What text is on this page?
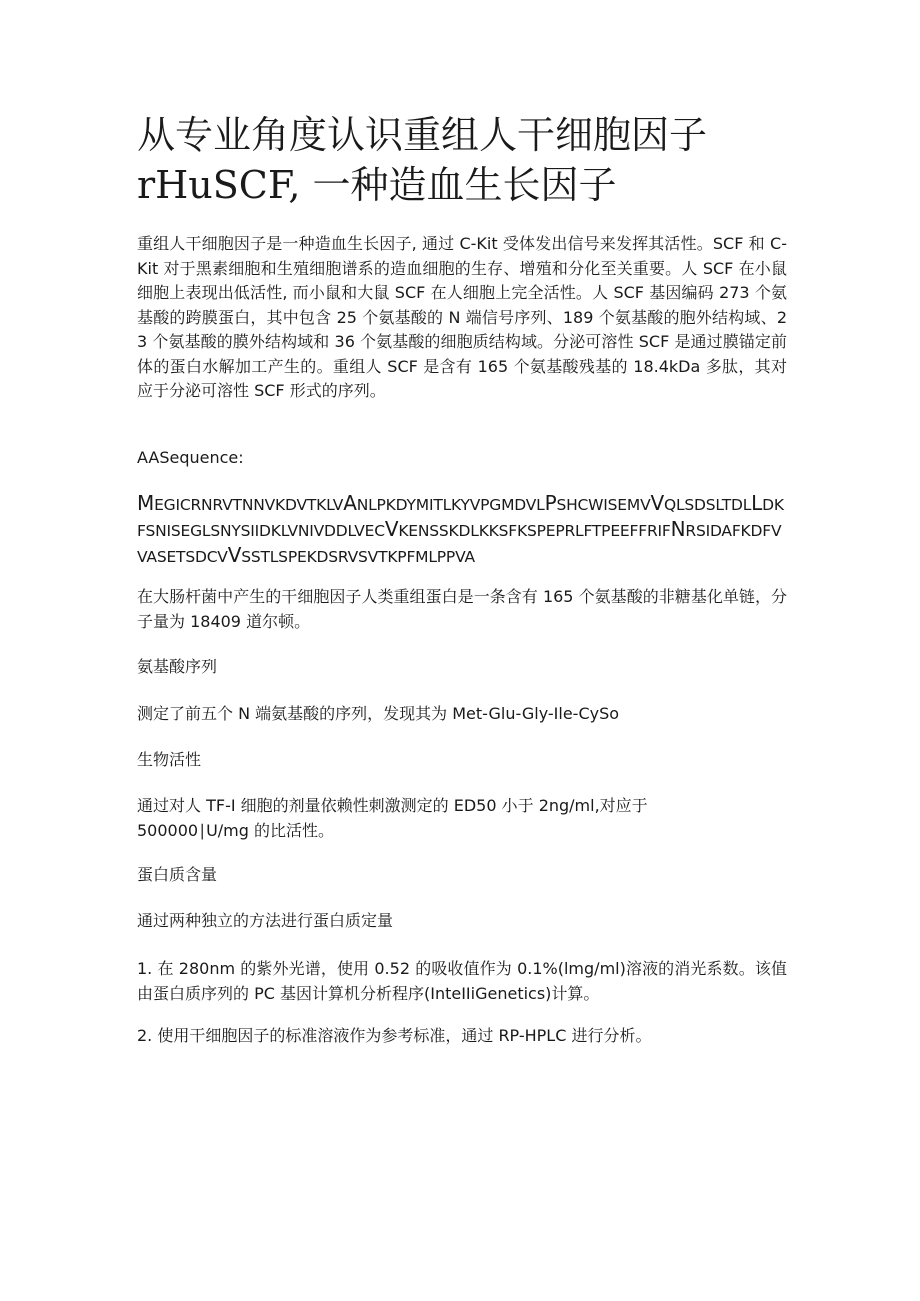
从专业角度认识重组人干细胞因子
rHuSCF, 一种造血生长因子

重组人干细胞因子是一种造血生长因子, 通过 C-Kit 受体发出信号来发挥其活性。SCF 和 C-Kit 对于黑素细胞和生殖细胞谱系的造血细胞的生存、增殖和分化至关重要。人 SCF 在小鼠细胞上表现出低活性, 而小鼠和大鼠 SCF 在人细胞上完全活性。人 SCF 基因编码 273 个氨基酸的跨膜蛋白，其中包含 25 个氨基酸的 N 端信号序列、189 个氨基酸的胞外结构域、23 个氨基酸的膜外结构域和 36 个氨基酸的细胞质结构域。分泌可溶性 SCF 是通过膜锚定前体的蛋白水解加工产生的。重组人 SCF 是含有 165 个氨基酸残基的 18.4kDa 多肽，其对应于分泌可溶性 SCF 形式的序列。

AASequence:

MEGICRNRVTNNVKDVTKLVANLPKDYMITLKYVPGMDVLPSHCWISEMVVQLSDSLTDLLDKFSNISEGLSNYSIIDKLVNIVDDLVECVKENSSKDLKKSFKSPEPRLFTPEEFFRIFNRSIDAFKDFVVASETSDCVVSSTLSPEKDSRVSVTKPFMLPPVA

在大肠杆菌中产生的干细胞因子人类重组蛋白是一条含有 165 个氨基酸的非糖基化单链，分子量为 18409 道尔顿。

氨基酸序列

测定了前五个 N 端氨基酸的序列，发现其为 Met-Glu-Gly-Ile-CySo

生物活性

通过对人 TF-I 细胞的剂量依赖性刺激测定的 ED50 小于 2ng∕ml,对应于
500000∣U∕mg 的比活性。

蛋白质含量

通过两种独立的方法进行蛋白质定量

1. 在 280nm 的紫外光谱，使用 0.52 的吸收值作为 0.1%(lmg∕ml)溶液的消光系数。该值由蛋白质序列的 PC 基因计算机分析程序(InteIIiGenetics)计算。

2. 使用干细胞因子的标准溶液作为参考标准，通过 RP-HPLC 进行分析。
